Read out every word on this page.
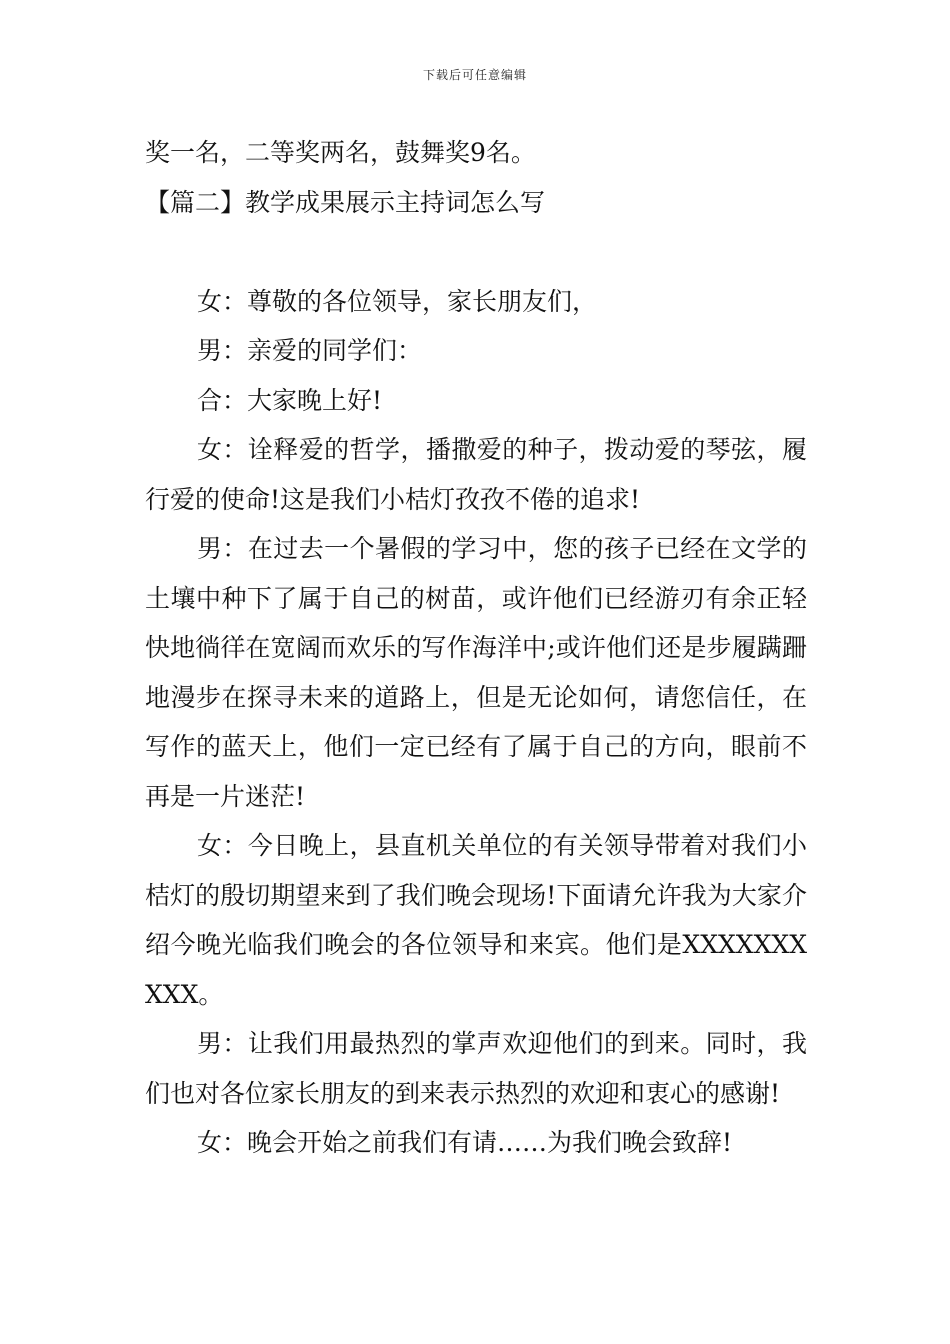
下载后可任意编辑
奖一名，二等奖两名，鼓舞奖9名。
【篇二】教学成果展示主持词怎么写
女：尊敬的各位领导，家长朋友们，
男：亲爱的同学们：
合：大家晚上好!
女：诠释爱的哲学，播撒爱的种子，拨动爱的琴弦，履行爱的使命!这是我们小桔灯孜孜不倦的追求!
男：在过去一个暑假的学习中，您的孩子已经在文学的土壤中种下了属于自己的树苗，或许他们已经游刃有余正轻快地徜徉在宽阔而欢乐的写作海洋中;或许他们还是步履蹒跚地漫步在探寻未来的道路上，但是无论如何，请您信任，在写作的蓝天上，他们一定已经有了属于自己的方向，眼前不再是一片迷茫!
女：今日晚上，县直机关单位的有关领导带着对我们小桔灯的殷切期望来到了我们晚会现场!下面请允许我为大家介绍今晚光临我们晚会的各位领导和来宾。他们是XXXXXXXXXX。
男：让我们用最热烈的掌声欢迎他们的到来。同时，我们也对各位家长朋友的到来表示热烈的欢迎和衷心的感谢!
女：晚会开始之前我们有请……为我们晚会致辞!
